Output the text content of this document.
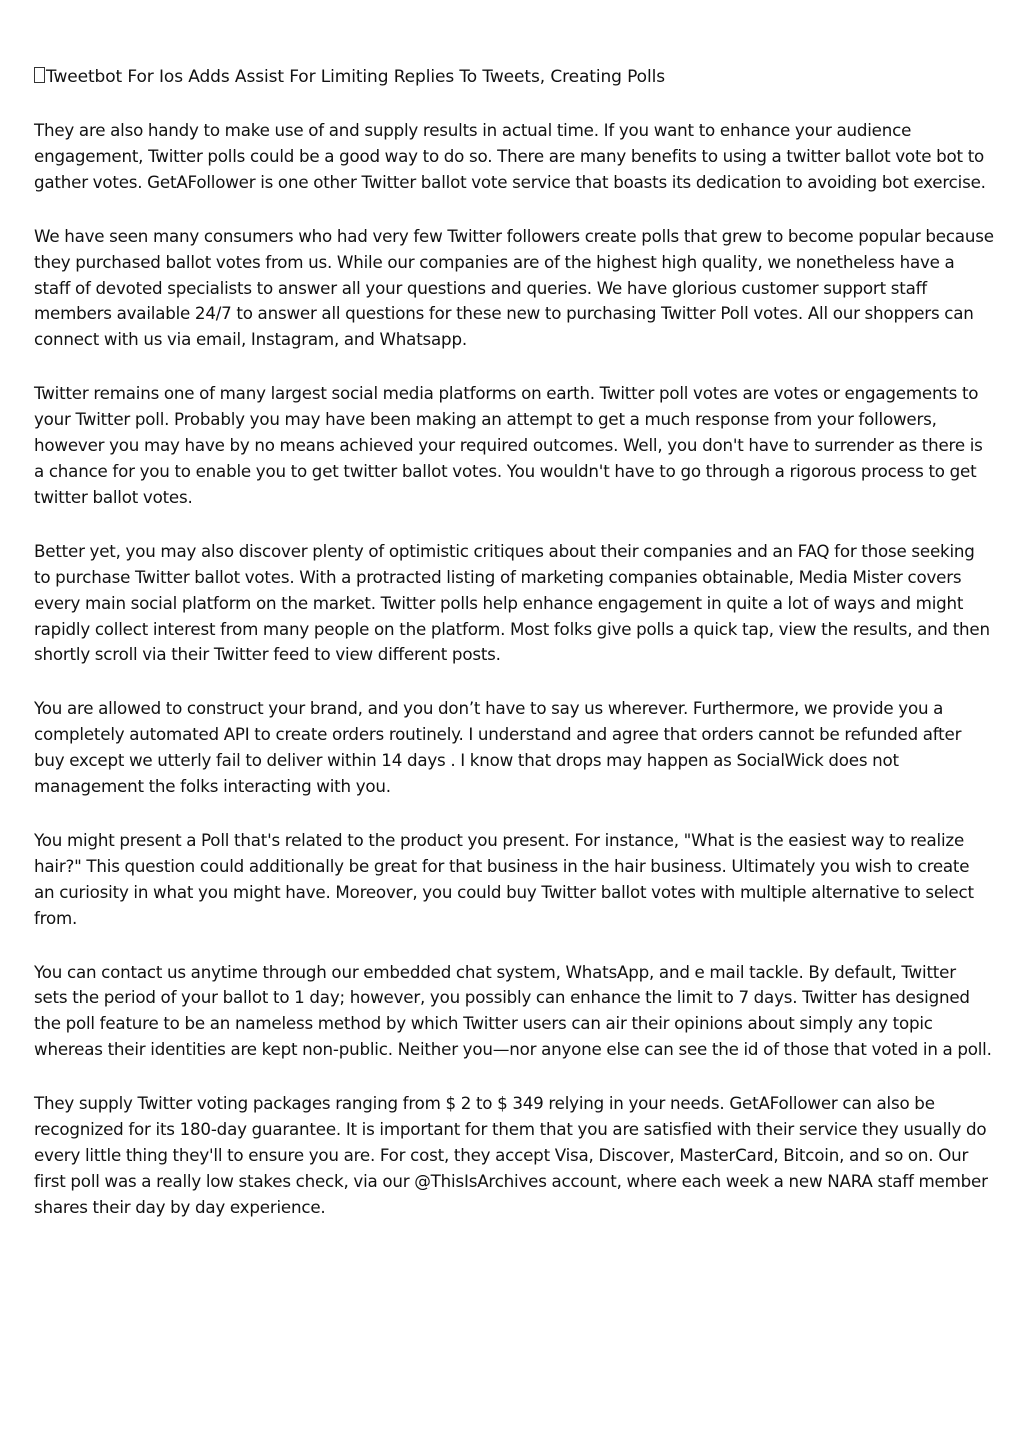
Tweetbot For Ios Adds Assist For Limiting Replies To Tweets, Creating Polls

They are also handy to make use of and supply results in actual time. If you want to enhance your audience engagement, Twitter polls could be a good way to do so. There are many benefits to using a twitter ballot vote bot to gather votes. GetAFollower is one other Twitter ballot vote service that boasts its dedication to avoiding bot exercise.

We have seen many consumers who had very few Twitter followers create polls that grew to become popular because they purchased ballot votes from us. While our companies are of the highest high quality, we nonetheless have a staff of devoted specialists to answer all your questions and queries. We have glorious customer support staff members available 24/7 to answer all questions for these new to purchasing Twitter Poll votes. All our shoppers can connect with us via email, Instagram, and Whatsapp.

Twitter remains one of many largest social media platforms on earth. Twitter poll votes are votes or engagements to your Twitter poll. Probably you may have been making an attempt to get a much response from your followers, however you may have by no means achieved your required outcomes. Well, you don't have to surrender as there is a chance for you to enable you to get twitter ballot votes. You wouldn't have to go through a rigorous process to get twitter ballot votes.

Better yet, you may also discover plenty of optimistic critiques about their companies and an FAQ for those seeking to purchase Twitter ballot votes. With a protracted listing of marketing companies obtainable, Media Mister covers every main social platform on the market. Twitter polls help enhance engagement in quite a lot of ways and might rapidly collect interest from many people on the platform. Most folks give polls a quick tap, view the results, and then shortly scroll via their Twitter feed to view different posts.

You are allowed to construct your brand, and you don’t have to say us wherever. Furthermore, we provide you a completely automated API to create orders routinely. I understand and agree that orders cannot be refunded after buy except we utterly fail to deliver within 14 days . I know that drops may happen as SocialWick does not management the folks interacting with you.

You might present a Poll that's related to the product you present. For instance, "What is the easiest way to realize hair?" This question could additionally be great for that business in the hair business. Ultimately you wish to create an curiosity in what you might have. Moreover, you could buy Twitter ballot votes with multiple alternative to select from.

You can contact us anytime through our embedded chat system, WhatsApp, and e mail tackle. By default, Twitter sets the period of your ballot to 1 day; however, you possibly can enhance the limit to 7 days. Twitter has designed the poll feature to be an nameless method by which Twitter users can air their opinions about simply any topic whereas their identities are kept non-public. Neither you—nor anyone else can see the id of those that voted in a poll.

They supply Twitter voting packages ranging from $ 2 to $ 349 relying in your needs. GetAFollower can also be recognized for its 180-day guarantee. It is important for them that you are satisfied with their service they usually do every little thing they'll to ensure you are. For cost, they accept Visa, Discover, MasterCard, Bitcoin, and so on. Our first poll was a really low stakes check, via our @ThisIsArchives account, where each week a new NARA staff member shares their day by day experience.
